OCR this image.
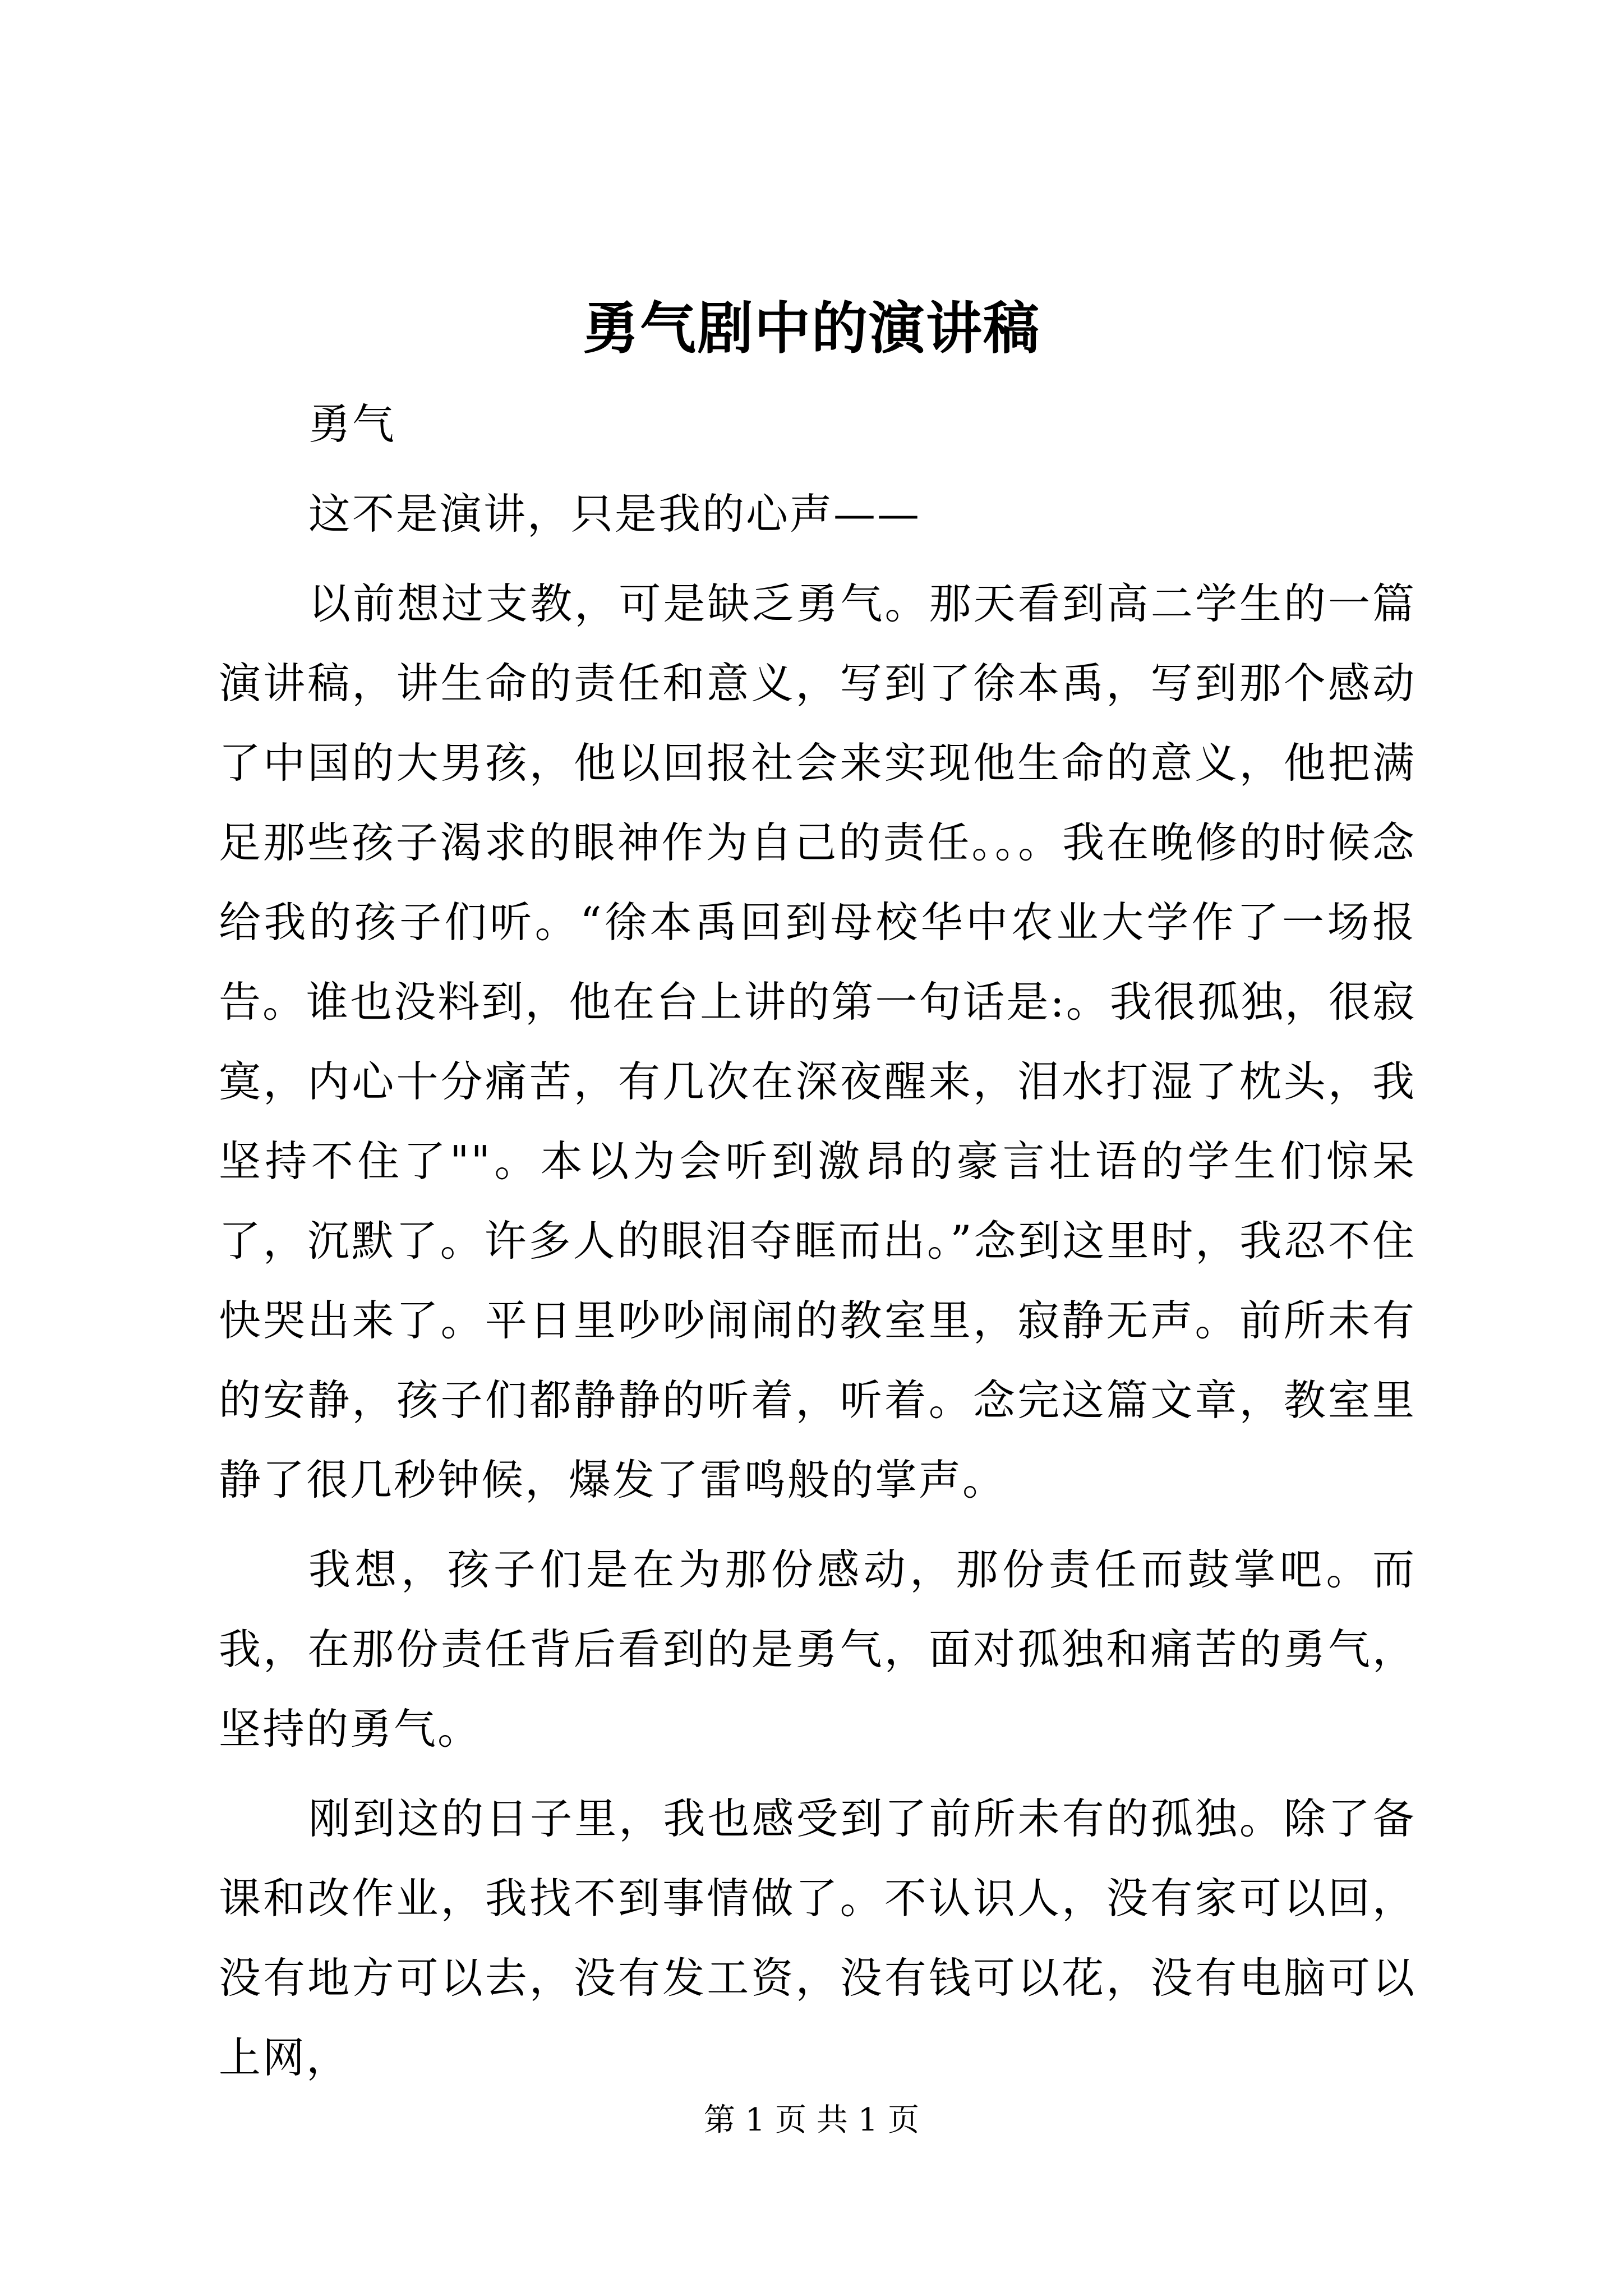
勇气剧中的演讲稿

勇气

这不是演讲，只是我的心声——

以前想过支教，可是缺乏勇气。那天看到高二学生的一篇演讲稿，讲生命的责任和意义，写到了徐本禹，写到那个感动了中国的大男孩，他以回报社会来实现他生命的意义，他把满足那些孩子渴求的眼神作为自己的责任。。。我在晚修的时候念给我的孩子们听。“徐本禹回到母校华中农业大学作了一场报告。谁也没料到，他在台上讲的第一句话是:。我很孤独，很寂寞，内心十分痛苦，有几次在深夜醒来，泪水打湿了枕头，我坚持不住了""。本以为会听到激昂的豪言壮语的学生们惊呆了，沉默了。许多人的眼泪夺眶而出。”念到这里时，我忍不住快哭出来了。平日里吵吵闹闹的教室里，寂静无声。前所未有的安静，孩子们都静静的听着，听着。念完这篇文章，教室里静了很几秒钟候，爆发了雷鸣般的掌声。

我想，孩子们是在为那份感动，那份责任而鼓掌吧。而我，在那份责任背后看到的是勇气，面对孤独和痛苦的勇气，坚持的勇气。

刚到这的日子里，我也感受到了前所未有的孤独。除了备课和改作业，我找不到事情做了。不认识人，没有家可以回，没有地方可以去，没有发工资，没有钱可以花，没有电脑可以上网，

第 1 页 共 1 页
